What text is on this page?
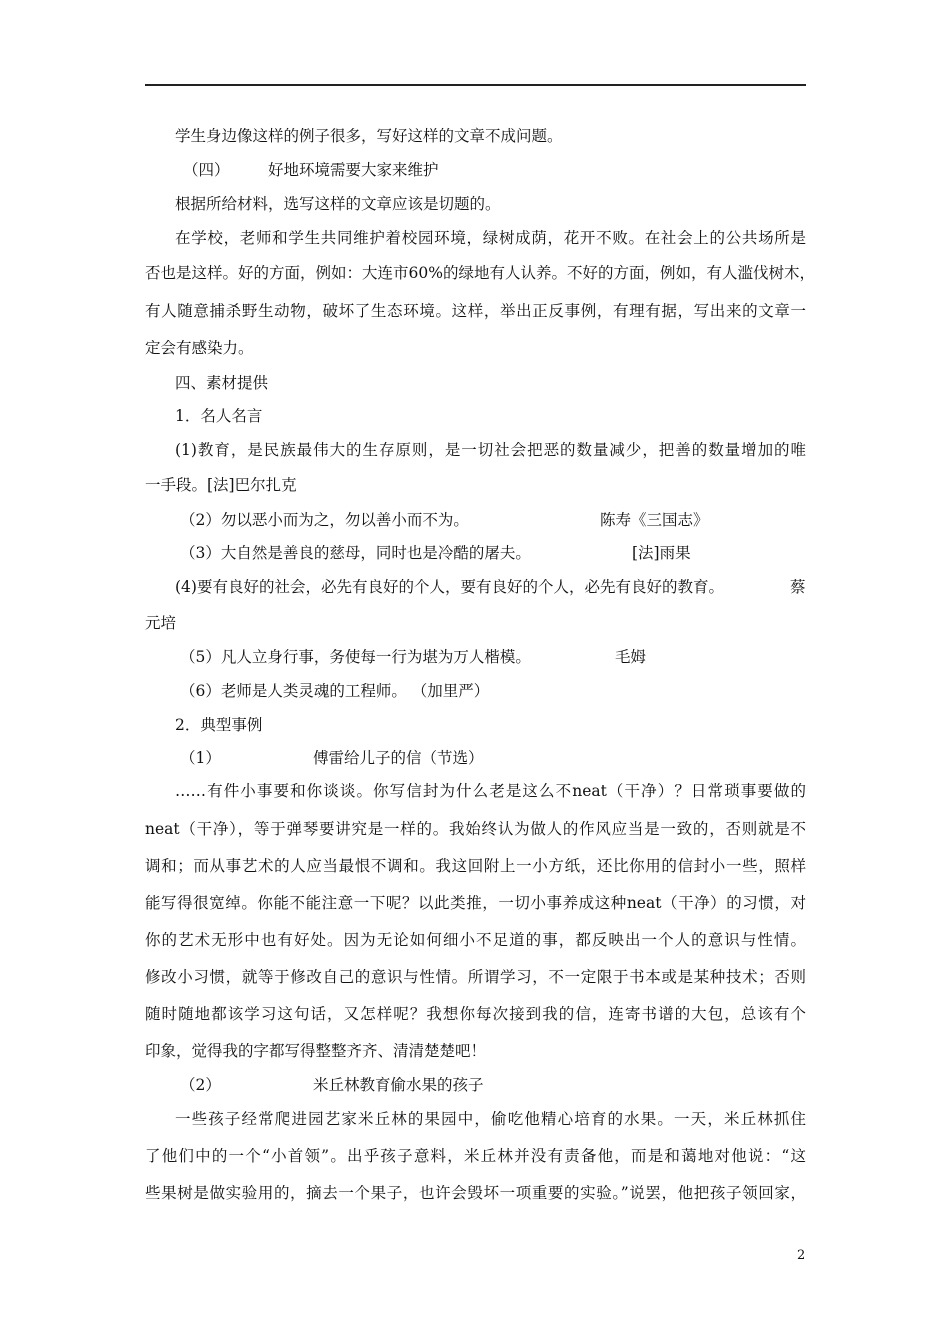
学生身边像这样的例子很多，写好这样的文章不成问题。
（四） 好地环境需要大家来维护
根据所给材料，选写这样的文章应该是切题的。
在学校，老师和学生共同维护着校园环境，绿树成荫，花开不败。在社会上的公共场所是
否也是这样。好的方面，例如：大连市60%的绿地有人认养。不好的方面，例如，有人滥伐树木，
有人随意捕杀野生动物，破坏了生态环境。这样，举出正反事例，有理有据，写出来的文章一
定会有感染力。
四、素材提供
1．名人名言
(1)教育，是民族最伟大的生存原则，是一切社会把恶的数量减少，把善的数量增加的唯
一手段。[法]巴尔扎克
（2）勿以恶小而为之，勿以善小而不为。	陈寿《三国志》
（3）大自然是善良的慈母，同时也是冷酷的屠夫。	[法]雨果
(4)要有良好的社会，必先有良好的个人，要有良好的个人，必先有良好的教育。	蔡
元培
（5）凡人立身行事，务使每一行为堪为万人楷模。	毛姆
（6）老师是人类灵魂的工程师。 （加里严）
2．典型事例
（1）	傅雷给儿子的信（节选）
……有件小事要和你谈谈。你写信封为什么老是这么不neat（干净）？日常琐事要做的
neat（干净），等于弹琴要讲究是一样的。我始终认为做人的作风应当是一致的，否则就是不
调和；而从事艺术的人应当最恨不调和。我这回附上一小方纸，还比你用的信封小一些，照样
能写得很宽绰。你能不能注意一下呢？以此类推，一切小事养成这种neat（干净）的习惯，对
你的艺术无形中也有好处。因为无论如何细小不足道的事，都反映出一个人的意识与性情。
修改小习惯，就等于修改自己的意识与性情。所谓学习，不一定限于书本或是某种技术；否则
随时随地都该学习这句话，又怎样呢？我想你每次接到我的信，连寄书谱的大包，总该有个
印象，觉得我的字都写得整整齐齐、清清楚楚吧！
（2）	米丘林教育偷水果的孩子
一些孩子经常爬进园艺家米丘林的果园中，偷吃他精心培育的水果。一天，米丘林抓住
了他们中的一个“小首领”。出乎孩子意料，米丘林并没有责备他，而是和蔼地对他说：“这
些果树是做实验用的，摘去一个果子，也许会毁坏一项重要的实验。”说罢，他把孩子领回家，
2
